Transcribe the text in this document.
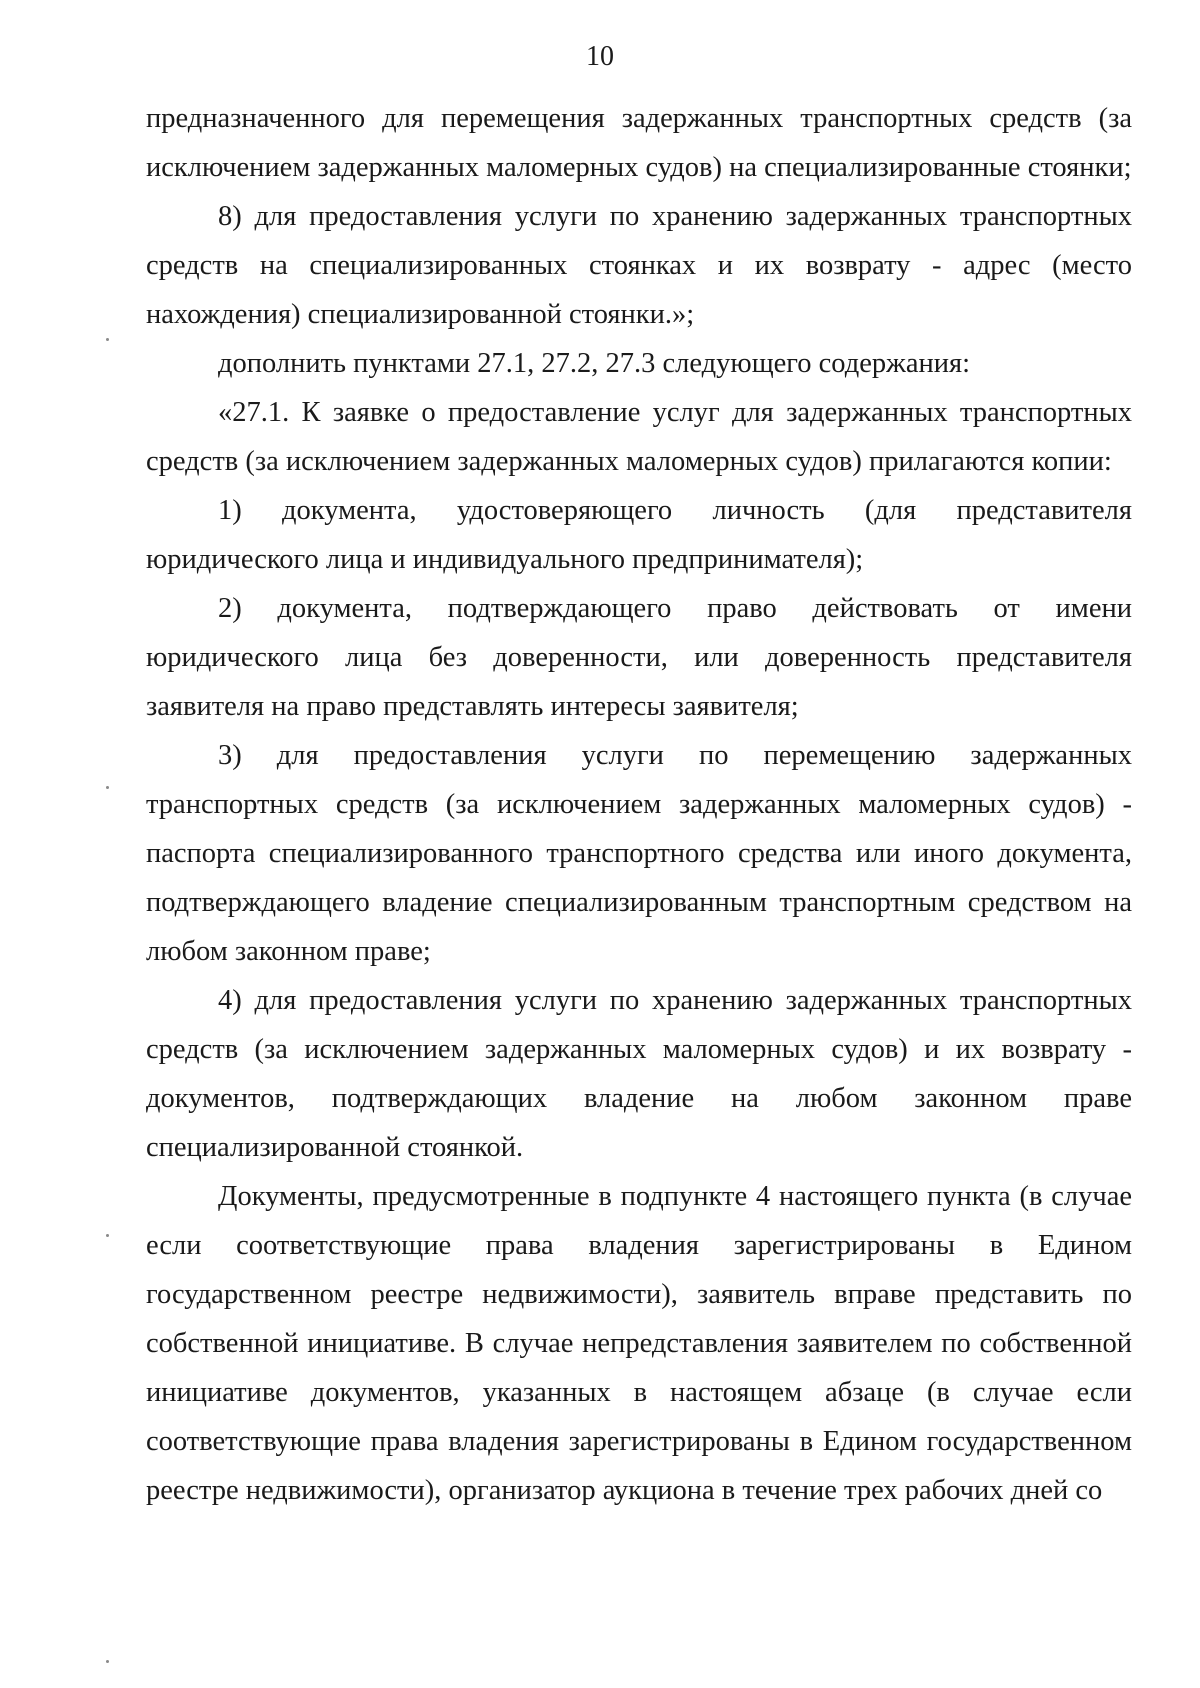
10

предназначенного для перемещения задержанных транспортных средств (за исключением задержанных маломерных судов) на специализированные стоянки;

8) для предоставления услуги по хранению задержанных транспортных средств на специализированных стоянках и их возврату - адрес (место нахождения) специализированной стоянки.»;

дополнить пунктами 27.1, 27.2, 27.3 следующего содержания:

«27.1. К заявке о предоставление услуг для задержанных транспортных средств (за исключением задержанных маломерных судов) прилагаются копии:

1) документа, удостоверяющего личность (для представителя юридического лица и индивидуального предпринимателя);

2) документа, подтверждающего право действовать от имени юридического лица без доверенности, или доверенность представителя заявителя на право представлять интересы заявителя;

3) для предоставления услуги по перемещению задержанных транспортных средств (за исключением задержанных маломерных судов) - паспорта специализированного транспортного средства или иного документа, подтверждающего владение специализированным транспортным средством на любом законном праве;

4) для предоставления услуги по хранению задержанных транспортных средств (за исключением задержанных маломерных судов) и их возврату - документов, подтверждающих владение на любом законном праве специализированной стоянкой.

Документы, предусмотренные в подпункте 4 настоящего пункта (в случае если соответствующие права владения зарегистрированы в Едином государственном реестре недвижимости), заявитель вправе представить по собственной инициативе. В случае непредставления заявителем по собственной инициативе документов, указанных в настоящем абзаце (в случае если соответствующие права владения зарегистрированы в Едином государственном реестре недвижимости), организатор аукциона в течение трех рабочих дней со
